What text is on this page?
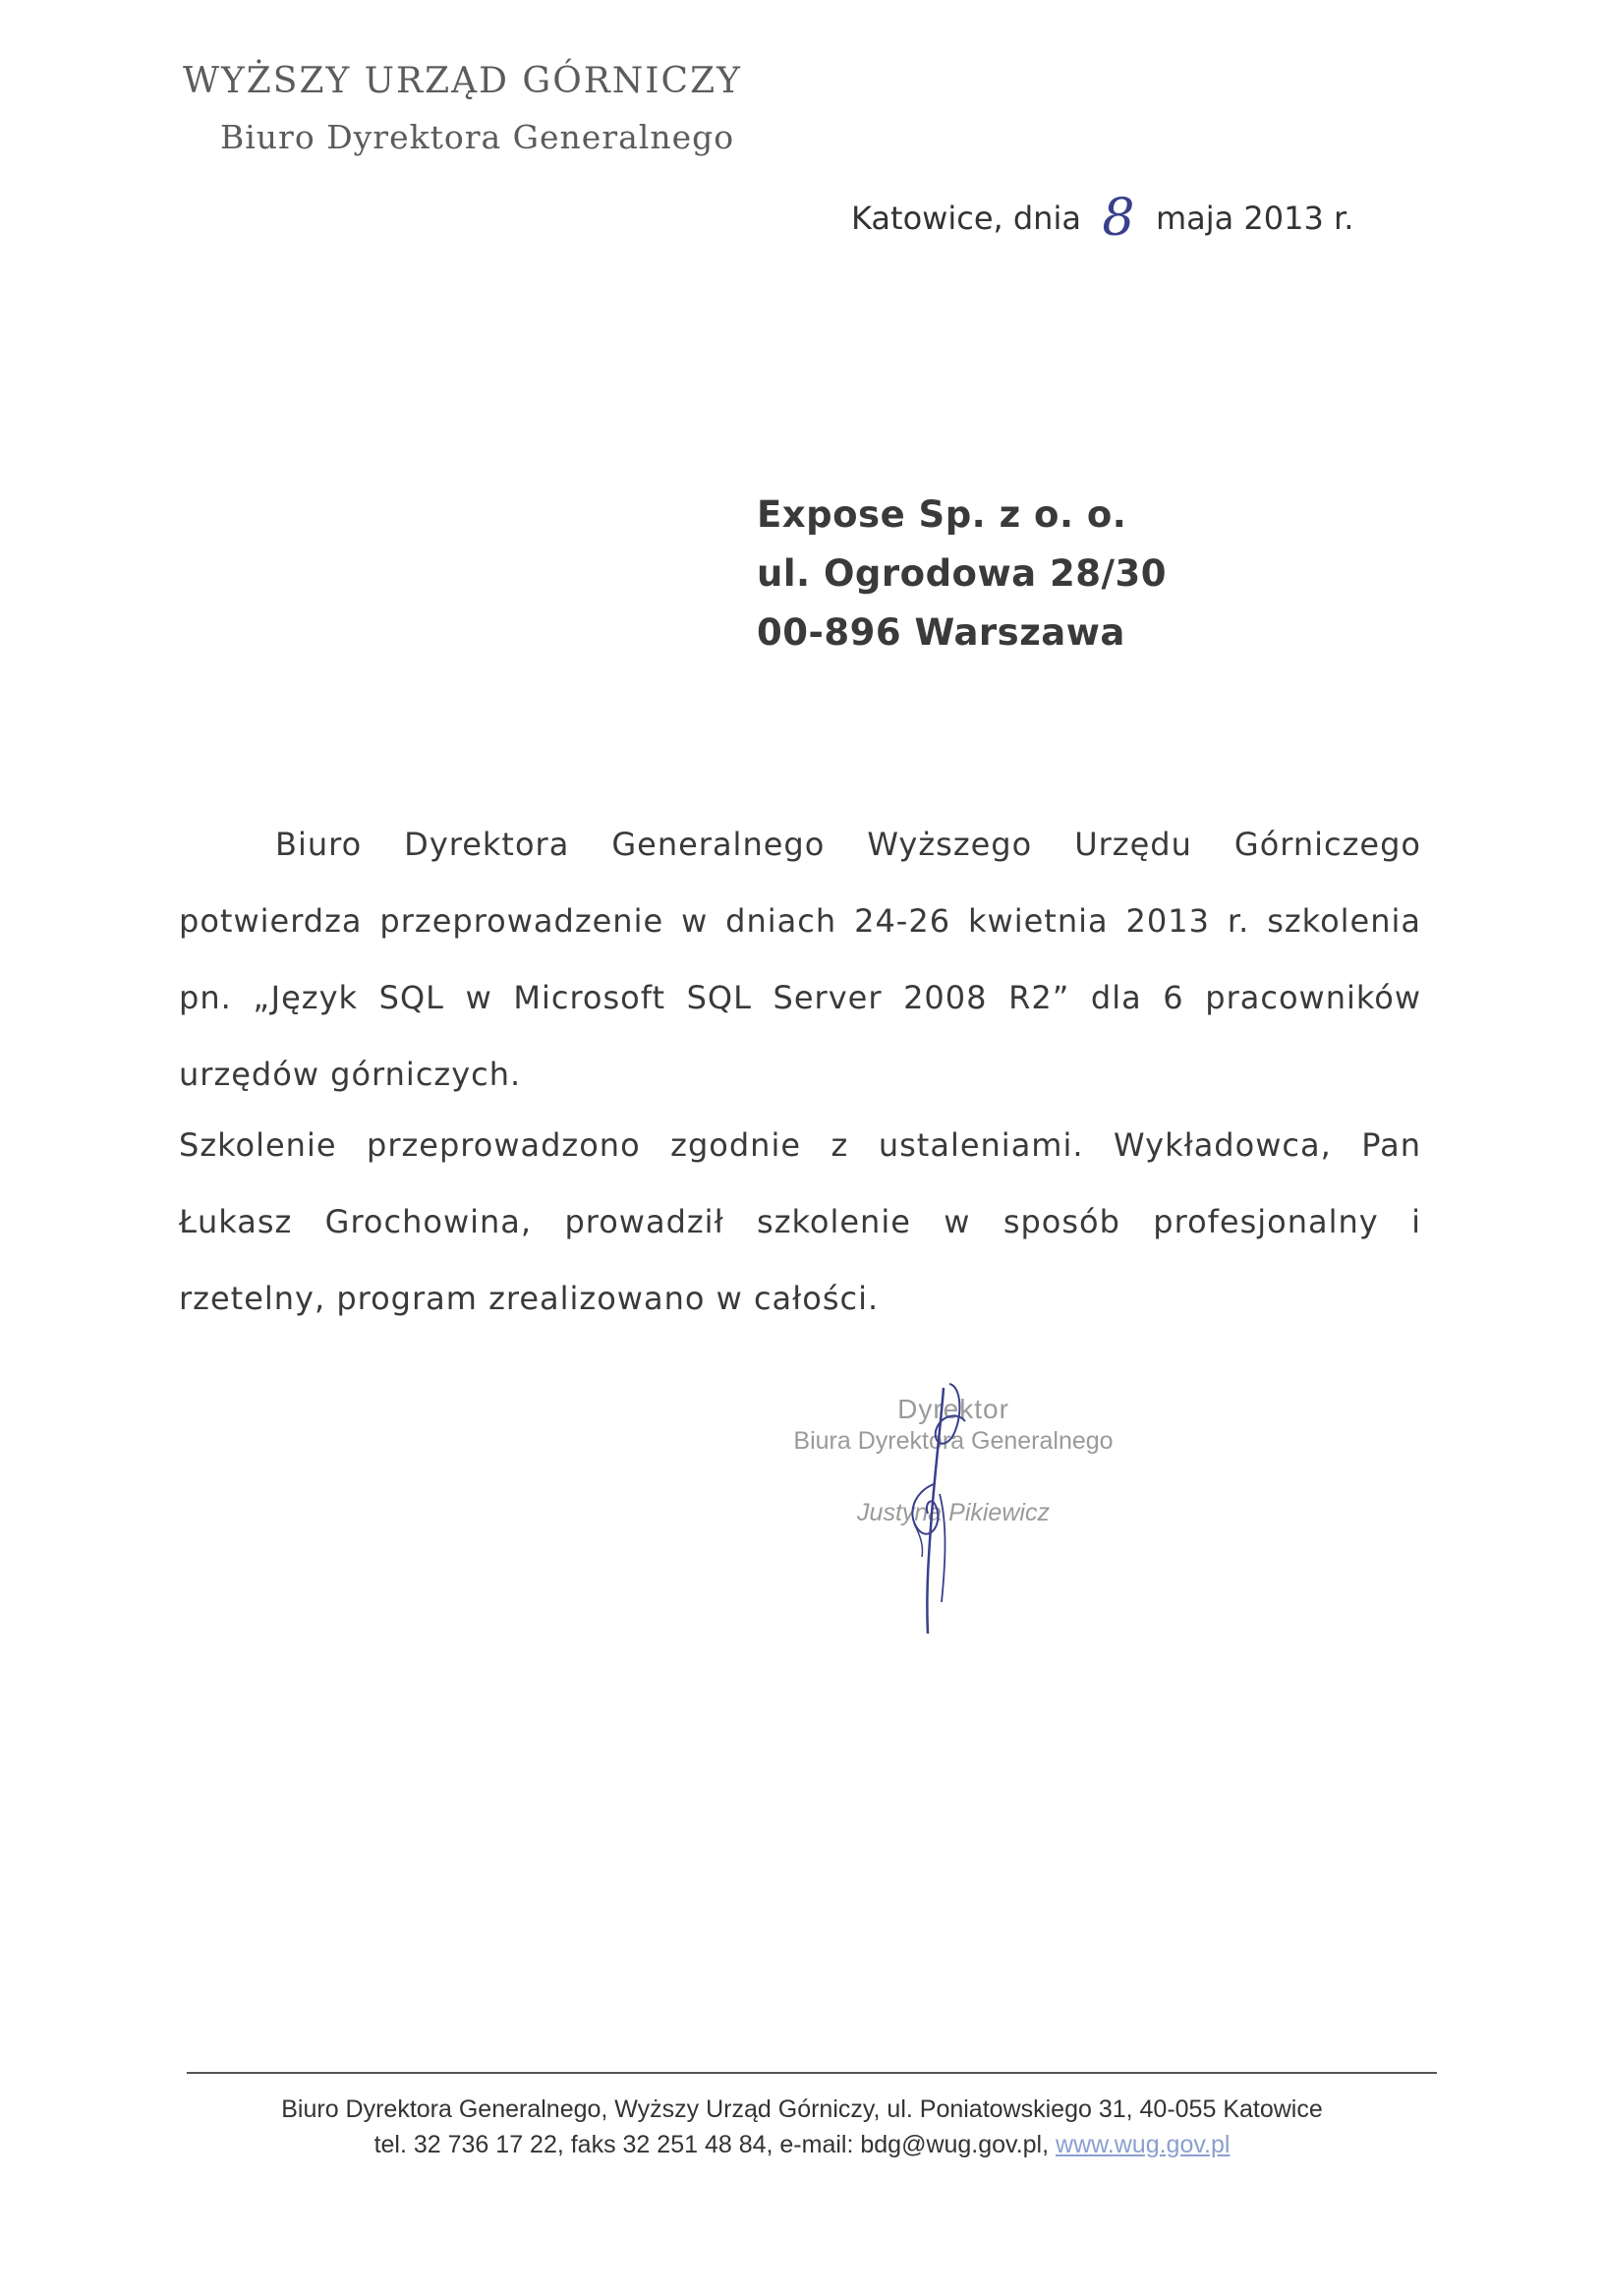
WYŻSZY URZĄD GÓRNICZY
Biuro Dyrektora Generalnego
Katowice, dnia 8 maja 2013 r.
Expose Sp. z o. o.
ul. Ogrodowa 28/30
00-896 Warszawa

Biuro Dyrektora Generalnego Wyższego Urzędu Górniczego potwierdza przeprowadzenie w dniach 24-26 kwietnia 2013 r. szkolenia pn. „Język SQL w Microsoft SQL Server 2008 R2” dla 6 pracowników urzędów górniczych.

Szkolenie przeprowadzono zgodnie z ustaleniami. Wykładowca, Pan Łukasz Grochowina, prowadził szkolenie w sposób profesjonalny i rzetelny, program zrealizowano w całości.

Dyrektor
Biura Dyrektora Generalnego
Justyna Pikiewicz
Biuro Dyrektora Generalnego, Wyższy Urząd Górniczy, ul. Poniatowskiego 31, 40-055 Katowice
tel. 32 736 17 22, faks 32 251 48 84, e-mail: bdg@wug.gov.pl, www.wug.gov.pl
